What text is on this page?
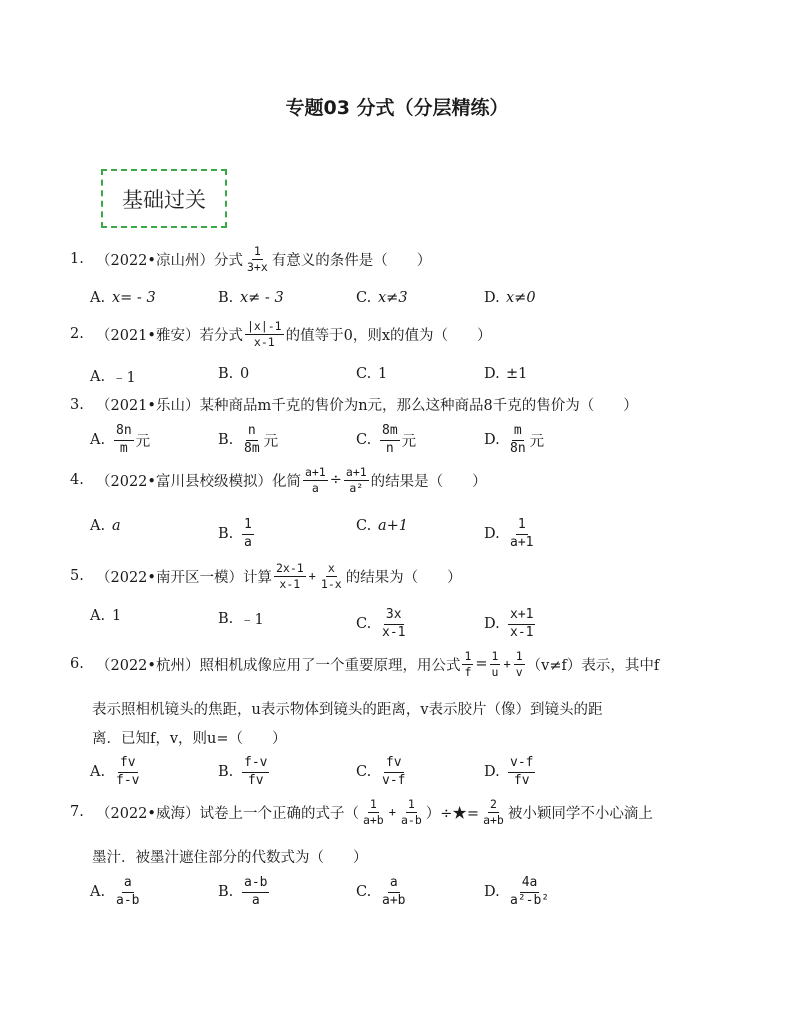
专题03 分式（分层精练）
基础过关
1. （2022•凉山州）分式 $\frac{1}{3+x}$ 有意义的条件是（　　）
A. x= - 3	B. x≠ - 3	C. x≠3	D. x≠0
2. （2021•雅安）若分式 $\frac{|x|-1}{x-1}$ 的值等于0，则x的值为（　　）
A. ﹣1	B. 0	C. 1	D. ±1
3. （2021•乐山）某种商品m千克的售价为n元，那么这种商品8千克的售价为（　　）
A. $\frac{8n}{m}$ 元	B. $\frac{n}{8m}$ 元	C. $\frac{8m}{n}$ 元	D. $\frac{m}{8n}$ 元
4. （2022•富川县校级模拟）化简 $\frac{a+1}{a} \div \frac{a+1}{\text{a²}}$ 的结果是（　　）
A. a
B. $\frac{1}{a}$	C. a+1
D. $\frac{1}{a+1}$
5. （2022•南开区一模）计算 $\frac{2x-1}{x-1} + \frac{x}{1-x}$ 的结果为（　　）
A. 1	B. ﹣1	C. $\frac{3x}{x-1}$	D. $\frac{x+1}{x-1}$
6. （2022•杭州）照相机成像应用了一个重要原理，用公式 $\frac{1}{f} = \frac{1}{u} + \frac{1}{v} (v\ne f)$表示，其中f
表示照相机镜头的焦距，u表示物体到镜头的距离，v表示胶片（像）到镜头的距
离．已知f，v，则u=（　　）
A. $\frac{fv}{f-v}$	B. $\frac{f-v}{fv}$	C. $\frac{fv}{v-f}$	D. $\frac{v-f}{fv}$
7. （2022•威海）试卷上一个正确的式子（ $\frac{1}{a+b} + \frac{1}{a-b}$ ）÷★= $\frac{2}{a+b}$ 被小颖同学不小心滴上
墨汁．被墨汁遮住部分的代数式为（　　）
A. $\frac{a}{a-b}$	B. $\frac{a-b}{a}$	C. $\frac{a}{a+b}$	D. $\frac{4a}{\text{a²-b²}}$
